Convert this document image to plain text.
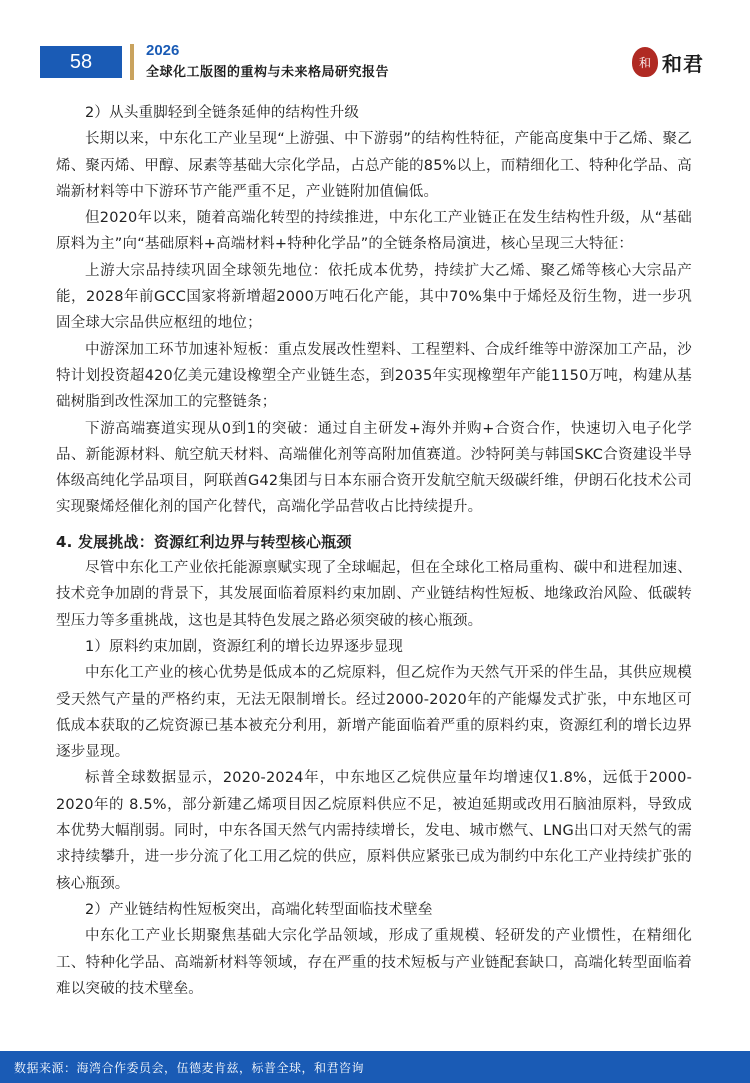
58	2026
全球化工版图的重构与未来格局研究报告
和 和君

2）从头重脚轻到全链条延伸的结构性升级

长期以来，中东化工产业呈现“上游强、中下游弱”的结构性特征，产能高度集中于乙烯、聚乙烯、聚丙烯、甲醇、尿素等基础大宗化学品，占总产能的85%以上，而精细化工、特种化学品、高端新材料等中下游环节产能严重不足，产业链附加值偏低。

但2020年以来，随着高端化转型的持续推进，中东化工产业链正在发生结构性升级，从“基础原料为主”向“基础原料+高端材料+特种化学品”的全链条格局演进，核心呈现三大特征：

上游大宗品持续巩固全球领先地位：依托成本优势，持续扩大乙烯、聚乙烯等核心大宗品产能，2028年前GCC国家将新增超2000万吨石化产能，其中70%集中于烯烃及衍生物，进一步巩固全球大宗品供应枢纽的地位；

中游深加工环节加速补短板：重点发展改性塑料、工程塑料、合成纤维等中游深加工产品，沙特计划投资超420亿美元建设橡塑全产业链生态，到2035年实现橡塑年产能1150万吨，构建从基础树脂到改性深加工的完整链条；

下游高端赛道实现从0到1的突破：通过自主研发+海外并购+合资合作，快速切入电子化学品、新能源材料、航空航天材料、高端催化剂等高附加值赛道。沙特阿美与韩国SKC合资建设半导体级高纯化学品项目，阿联酋G42集团与日本东丽合资开发航空航天级碳纤维，伊朗石化技术公司实现聚烯烃催化剂的国产化替代，高端化学品营收占比持续提升。

4. 发展挑战：资源红利边界与转型核心瓶颈

尽管中东化工产业依托能源禀赋实现了全球崛起，但在全球化工格局重构、碳中和进程加速、技术竞争加剧的背景下，其发展面临着原料约束加剧、产业链结构性短板、地缘政治风险、低碳转型压力等多重挑战，这也是其特色发展之路必须突破的核心瓶颈。

1）原料约束加剧，资源红利的增长边界逐步显现

中东化工产业的核心优势是低成本的乙烷原料，但乙烷作为天然气开采的伴生品，其供应规模受天然气产量的严格约束，无法无限制增长。经过2000-2020年的产能爆发式扩张，中东地区可低成本获取的乙烷资源已基本被充分利用，新增产能面临着严重的原料约束，资源红利的增长边界逐步显现。

标普全球数据显示，2020-2024年，中东地区乙烷供应量年均增速仅1.8%，远低于2000-2020年的 8.5%，部分新建乙烯项目因乙烷原料供应不足，被迫延期或改用石脑油原料，导致成本优势大幅削弱。同时，中东各国天然气内需持续增长，发电、城市燃气、LNG出口对天然气的需求持续攀升，进一步分流了化工用乙烷的供应，原料供应紧张已成为制约中东化工产业持续扩张的核心瓶颈。

2）产业链结构性短板突出，高端化转型面临技术壁垒

中东化工产业长期聚焦基础大宗化学品领域，形成了重规模、轻研发的产业惯性，在精细化工、特种化学品、高端新材料等领域，存在严重的技术短板与产业链配套缺口，高端化转型面临着难以突破的技术壁垒。

数据来源：海湾合作委员会，伍德麦肯兹，标普全球，和君咨询
